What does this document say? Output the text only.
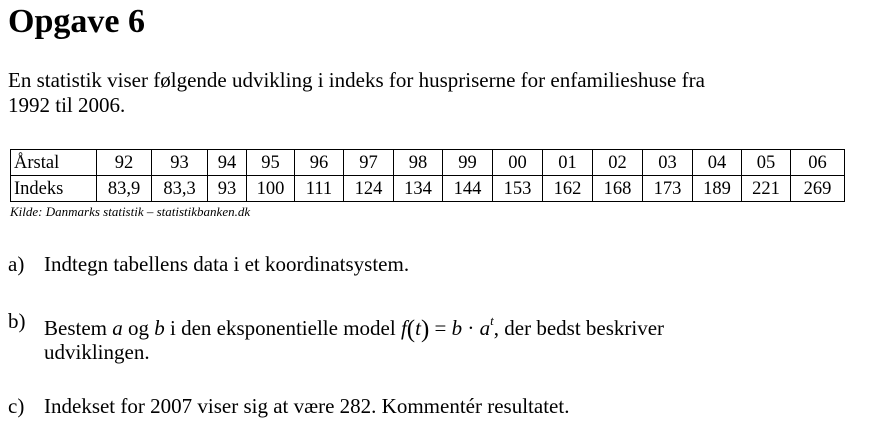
Opgave 6

En statistik viser følgende udvikling i indeks for huspriserne for enfamilieshuse fra
1992 til 2006.

Årstal	92	93	94	95	96	97	98	99	00	01	02	03	04	05	06
Indeks	83,9	83,3	93	100	111	124	134	144	153	162	168	173	189	221	269
Kilde: Danmarks statistik – statistikbanken.dk
a) Indtegn tabellens data i et koordinatsystem.
b) Bestem a og b i den eksponentielle model $f(t) = b \cdot a^t$, der bedst beskriver
udviklingen.
c) Indekset for 2007 viser sig at være 282. Kommentér resultatet.
